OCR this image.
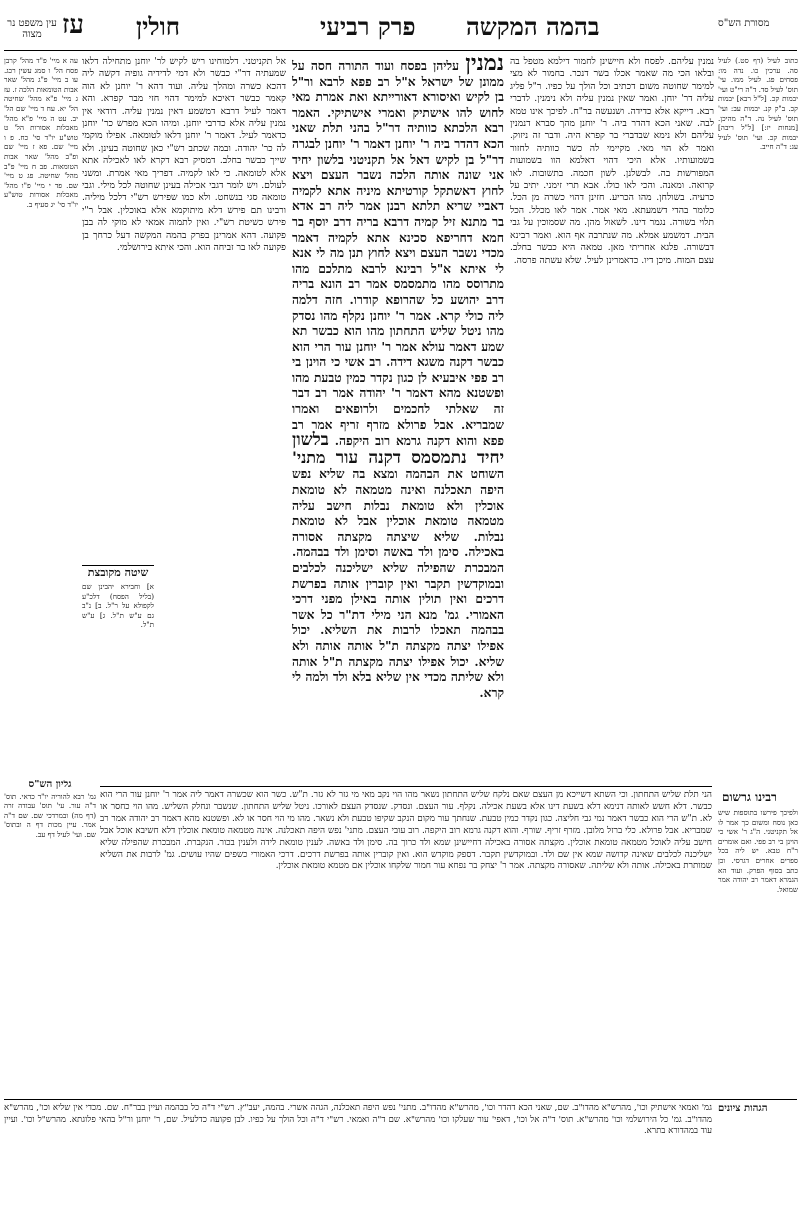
עין משפט נר מצוה עז חולין	פרק רביעי בהמה המקשה	מסורת הש"ס

כתוב לעיל (דף סט.) לעיל סה. ערכין כו. נדה מו: פסחים פג. לעיל ממו. עי' תוס' לעיל סד. ד"ה רי"ט ועי' יבמות קכ. [ל"ל רבא] יבמות קכ. ב"ק קנ. יבמות עב: ועי' תוס' לעיל נה. ד"ה מהיכן. [מנחות יז:] [ל"ל ריבה] יבמות קכ. ועי' תוס' לעיל עג: ד"ה חייב.

נמנין עליהם. לפסח ולא חיישינן לחמור דילמא מטפל בה ובלאו הכי מה שאמר אכלו בשר דנכר. בחמור לא מצי למימר שחוטה משום דכתיב וכל הולך על כפיו. ר"ל פליג עליה דר' יוחן. ואמר שאין נמנין עליה ולא נימנין. לדברי רבא. דייקא אלא כדידה. ושנעשה בר"ח. לפיכך אינו טמא לבה. שאני הכא דהדר ביה. ר' יוחנן מהך סברא דנמנין עליהם ולא נימא שבדברי בר קפרא היה. ודבר זה ניזוק. ואמר לא הוי מאי. מקיימי לה כשר כוותיה לחזור בשמועותיו. אלא היכי דהוי דאלמא הוו בשמועות המפורשות בה. לבשלנן. לשון חכמה. בתשובות. לאו קרואה. ומאנה. והכי לאו כולו. אבא תרי זימני. יתיב על כרעיה. בשולחן. מהו הכריע. חזינן דהוי כשרה מן הכל. כלומר בהדי דשמעתא. מאי אמר. אמר לאו מכלל. הכל תלוי בשורה. נגמר דינו. לשאול מהן. מה שסמוכין על גבי הבית. דמשמע אמלא. מה שנתרבה אף הוא. ואמר רבינא דבשורה. פלגא אחריתי מאן. טמאה היא כבשר בחלב. עצם המוח. מיכן דיו. כדאמרינן לעיל. שלא עשתה פרסה.

נמנין עליהן בפסח ועוד התורה חסה על ממונן של ישראל א"ל רב פפא לרבא ור"ל בן לקיש ואיסורא דאורייתא ואת אמרת מאי לחוש להו אישתיק ואמרי אישתיקי. האמר רבא הלכתא כוותיה דר"ל בהני תלת שאני הכא דהדר ביה ר' יוחנן דאמר ר' יוחנן לבגרה דר"ל בן לקיש דאל אל תקניטני בלשון יחיד אני שונה אותה הלכה נשבר העצם ויצא לחוץ דאשתקל קורטיתא מיניה אתא לקמיה דאביי שריא תלתא רבנן אמר ליה רב אדא בר מתנא זיל קמיה דרבא בריה דרב יוסף בר חמא דחריפא סכינא אתא לקמיה דאמר מכדי נשבר העצם ויצא לחוץ תנן מה לי אנא לי איתא א"ל רבינא לרבא מתלכם מהו מתרוסס מהו מתמסמס אמר רב הונא בריה דרב יהושע כל שהרופא קודרו. חזה דלמה ליה כולי קרא. אמר ר' יוחנן נקלף מהו נסדק מהו ניטל שליש התחתון מהו הוא כבשר תא שמע דאמר עולא אמר ר' יוחנן עור הרי הוא כבשר דקנה משגא דידה. רב אשי כי הוינן בי רב פפי איבעיא לן כגון נקדר כמין טבעת מהו ופשטנא מהא דאמר ר' יהודה אמר רב דבר זה שאלתי לחכמים ולרופאים ואמרו שמבריא. אבל פרולא מזרף זריף אמר רב פפא והוא דקנה גרמא רוב היקפה. בלשון יחיד נתמסמס דקנה עור מתני' השוחט את הבהמה ומצא בה שליא נפש היפה תאכלנה ואינה מטמאה לא טומאת אוכלין ולא טומאת נבלות חישב עליה מטמאה טומאת אוכלין אבל לא טומאת נבלות. שליא שיצתה מקצתה אסורה באכילה. סימן ולד באשה וסימן ולד בבהמה. המבכרת שהפילה שליא ישליכנה לכלבים ובמוקדשין תקבר ואין קוברין אותה בפרשת דרכים ואין תולין אותה באילן מפני דרכי האמורי. גמ' מנא הני מילי דת"ר כל אשר בבהמה תאכלו לרבות את השליא. יכול אפילו יצתה מקצתה ת"ל אותה אותה ולא שליא. יכול אפילו יצתה מקצתה ת"ל אותה ולא שליתה מכדי אין שליא בלא ולד ולמה לי קרא.

אל תקניטני. דלמוחינו ריש לקיש לר' יוחנן מתחילה דלאו שמעתיה דר"י כבשר ולא דמי לדידיה גופיה דקשה ליה דהכא כשרה ומהלך עליה. ועוד דהא ר' יוחנן לא הוה קאמר כבשר דאיכא למימר דהוי חזי מבר קפרא. והא דאמר לעיל דרבא דמשמע דאין נמנין עליה. דודאי אין נמנין עליה אלא כדרבי יוחנן. ומיהו הכא מפרש כר' יוחנן כדאמר לעיל. דאמר ר' יוחנן דלאו לטומאה. אפילו מוקמי לה כר' יהודה. ובמה שכתב רש"י כאן שחוטה בעינן. ולא שייך כבשר בחלב. דמסיק רבא דקרא לאו לאכילה אתא אלא לטומאה. כי לאו לקמיה. דפריך מאי אמרת. ומשני לעולם. ויש לומר דגבי אכילה בעינן שחוטה לכל מילי. וגבי טומאה סגי בנשחט. ולא כמו שפירש רש"י דלכל מיליה. ורבינו תם פירש דלא מיתוקמא אלא באוכלין. אבל ר"י פירש כשיטת רש"י. ואין לתמוה אמאי לא מוקי לה בבן פקועה. דהא אמרינן בפרק בהמה המקשה דעל כרחך בן פקועה לאו בר זביחה הוא. והכי איתא בירושלמי.

עה א מיי' פ"ד מהל' קרבן פסח הל' ו סמג עשין רכג. עו ב מיי' פ"ג מהל' שאר אבות הטומאות הלכה ז. עז ג מיי' פ"א מהל' שחיטה הל' יא. עח ד מיי' שם הל' יב. עט ה מיי' פ"א מהל' מאכלות אסורות הל' ט טוש"ע יו"ד סי' כח. פ ו מיי' שם. פא ז מיי' שם ופ"ב מהל' שאר אבות הטומאות. פב ח מיי' פ"ב מהל' שחיטה. פג ט מיי' שם. פד י מיי' פ"ו מהל' מאכלות אסורות טוש"ע יו"ד סי' יג סעיף ב.

שיטה מקובצת

א] וחבירא יהבינן שם (בליל הפסח) דלכ"ע לקפולא על ר"ל. ב] נ"ב גם ע"ש ת"ל. ג] ע"ש ת"ל.

רבינו גרשום

ולפיכך פירשו בתוספות שיש כאן נוסח ומשום כך אמר לו אל תקניטני. ה"ג ר' אשי כי הוינן בי רב פפי. ואם אומרים ר"ח טבא. יש ליה בכל ספרים אחרים דגרסי. וכן כתב בסוף הפרק. ועוד הא הגמרא דאמר רב יהודה אמר שמואל.

הני תלת שליש התחתון. וכי השתא דשייכא מן העצם שאם נלקח שליש התחתון נשאר מהו הוי נקב מאי מי גזר לא גזר. ת"ש. כשר הוא שכשרה דאמר ליה אמר ר' יוחנן עור הרי הוא כבשר. דלא חשש לאותה דנימא דלא בשעת דינו אלא בשעת אכילה. נקלף. עור העצם. ונסדק. שנסדק העצם לאורכו. ניטל שליש התחתון. שנשבר ונחלק השליש. מהו הוי כחסר או לא. ת"ש הרי הוא כבשר דאמר נמי גבי חליצה. כגון נקדר כמין טבעת. שנחתך עור מקום הנקב שקיפו טבעת ולא נשאר. מהו מי הוי חסר או לא. ופשטנא מהא דאמר רב יהודה אמר רב שמבריא. אבל פרולא. כלי ברזל מלובן. מזרף זריף. שורף. והוא דקנה גרמא רוב היקפה. רוב עובי העצם. מתני' נפש היפה תאכלנה. אינה מטמאה טומאת אוכלין דלא חשיבא אוכל אבל חישב עליה לאוכל מטמאה טומאת אוכלין. מקצתה אסורה באכילה דחיישינן שמא ולד כרוך בה. סימן ולד באשה. לענין טומאת לידה ולענין בכור. הנקברת. המבכרת שהפילה שליא ישליכנה לכלבים שאינה קדושה שמא אין שם ולד. ובמוקדשין תקבר. דספק מוקדש הוא. ואין קוברין אותה בפרשת דרכים. דרכי האמורי כשפים שהיו עושים. גמ' לרבות את השליא שמותרת באכילה. אותה ולא שליתה. שאסורה מקצתה. אמר ר' יצחק בר נפחא עור חמור שלקחו אוכלין אם מטמא טומאת אוכלין.

גליון הש"ס

גמ' רבא להוריה יו"ד כדאי. תוס' ד"ה עור. עי' תוס' עבודה זרה (דף מה) ובמרדכי שם. שם ד"ה אמר. עיין מכות דף ה ובתוס' שם. ועי' לעיל דף עב.

הגהות ציונים

גמ' ואמאי אישתיק וכו', מהרש"א מהדו"ב. שם, שאני הכא דהדר וכו', מהרש"א מהדו"ב. מתני' נפש היפה תאכלנה, הגהה אשרי. בהמה, יעב"ץ. רש"י ד"ה כל בבהמה ועיין בבר"ח. שם. מכדי אין שליא וכו', מהרש"א מהדו"ב. גמ' כל הירושלמי וכו' מהרש"א. תוס' ד"ה אל וכו', דאפי' עור שעלקו וכו' מהרש"א. שם ד"ה ואמאי. רש"י ד"ה וכל הולך על כפיו. לבן פקועה כדלעיל. שם, ר' יוחנן ור"ל בהאי פלוגתא. מהרש"ל וכו'. ועיין עוד במהדורא בתרא.
